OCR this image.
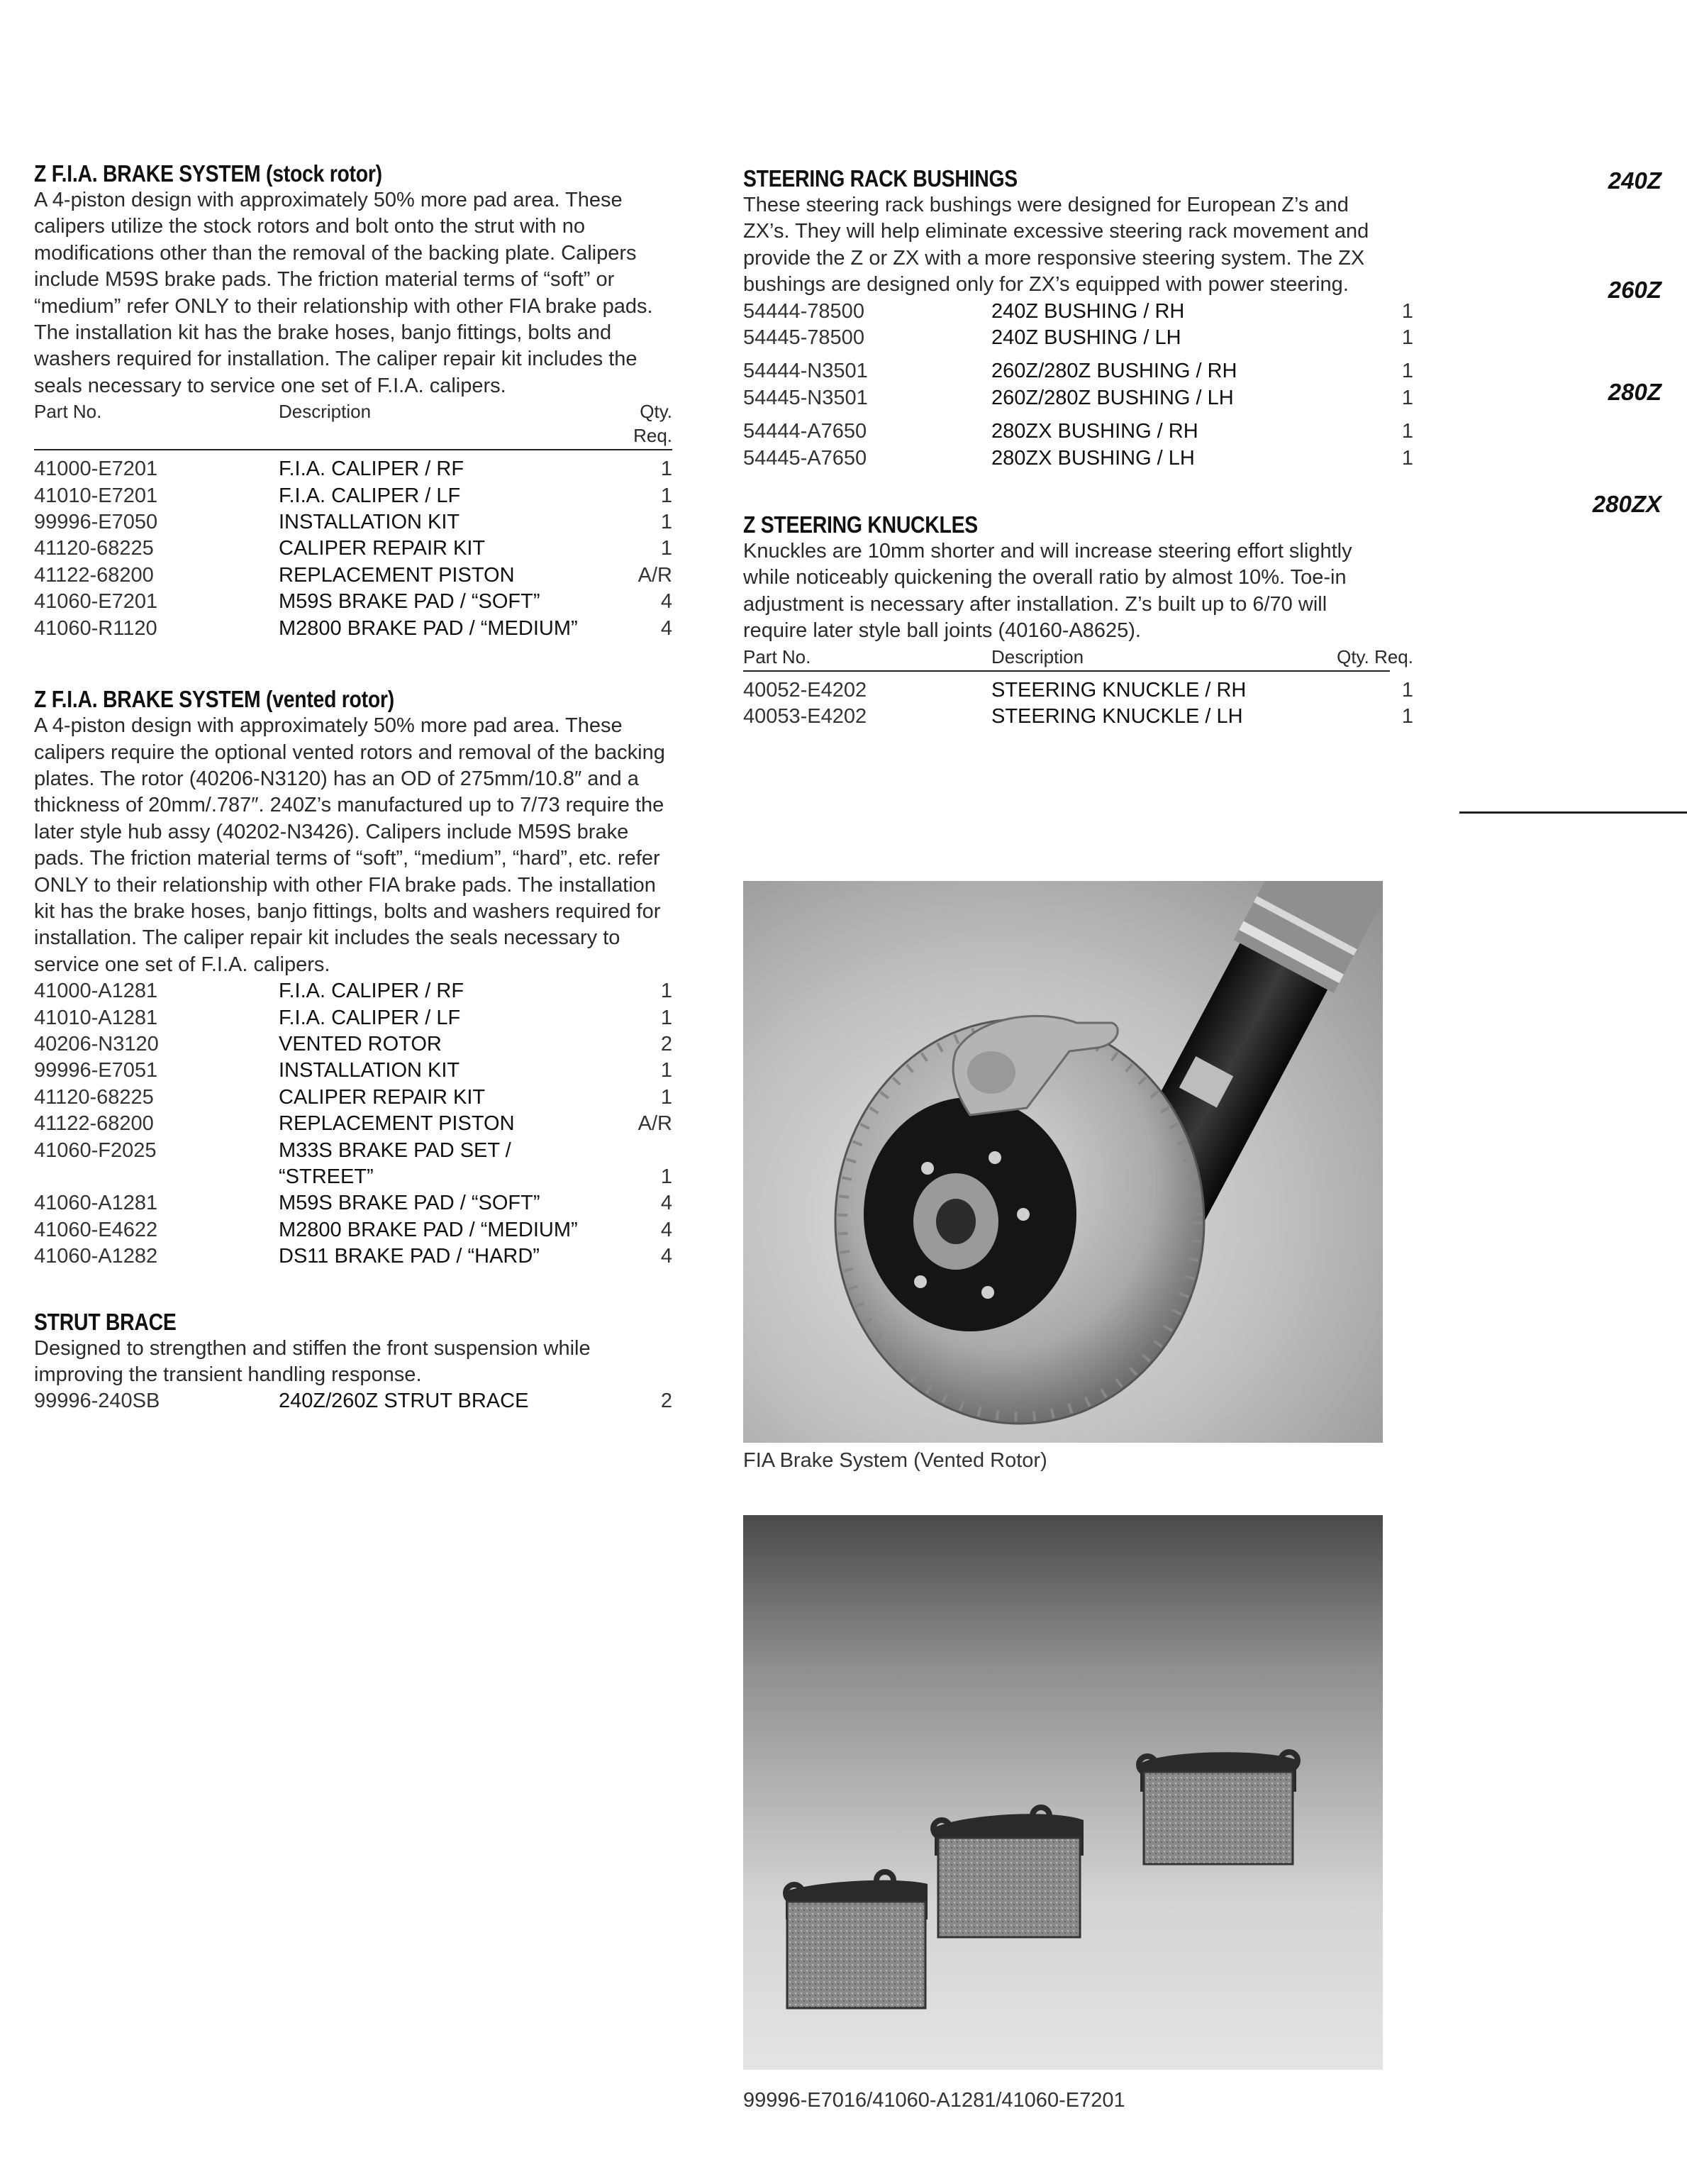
Z F.I.A. BRAKE SYSTEM (stock rotor)

A 4-piston design with approximately 50% more pad area. These calipers utilize the stock rotors and bolt onto the strut with no modifications other than the removal of the backing plate. Calipers include M59S brake pads. The friction material terms of “soft” or “medium” refer ONLY to their relationship with other FIA brake pads. The installation kit has the brake hoses, banjo fittings, bolts and washers required for installation. The caliper repair kit includes the seals necessary to service one set of F.I.A. calipers.

Part No.	Description	Qty. Req.
41000-E7201	F.I.A. CALIPER / RF	1
41010-E7201	F.I.A. CALIPER / LF	1
99996-E7050	INSTALLATION KIT	1
41120-68225	CALIPER REPAIR KIT	1
41122-68200	REPLACEMENT PISTON	A/R
41060-E7201	M59S BRAKE PAD / “SOFT”	4
41060-R1120	M2800 BRAKE PAD / “MEDIUM”	4
Z F.I.A. BRAKE SYSTEM (vented rotor)

A 4-piston design with approximately 50% more pad area. These calipers require the optional vented rotors and removal of the backing plates. The rotor (40206-N3120) has an OD of 275mm/10.8″ and a thickness of 20mm/.787″. 240Z’s manufactured up to 7/73 require the later style hub assy (40202-N3426). Calipers include M59S brake pads. The friction material terms of “soft”, “medium”, “hard”, etc. refer ONLY to their relationship with other FIA brake pads. The installation kit has the brake hoses, banjo fittings, bolts and washers required for installation. The caliper repair kit includes the seals necessary to service one set of F.I.A. calipers.

41000-A1281	F.I.A. CALIPER / RF	1
41010-A1281	F.I.A. CALIPER / LF	1
40206-N3120	VENTED ROTOR	2
99996-E7051	INSTALLATION KIT	1
41120-68225	CALIPER REPAIR KIT	1
41122-68200	REPLACEMENT PISTON	A/R
41060-F2025	M33S BRAKE PAD SET /
“STREET”	1
41060-A1281	M59S BRAKE PAD / “SOFT”	4
41060-E4622	M2800 BRAKE PAD / “MEDIUM”	4
41060-A1282	DS11 BRAKE PAD / “HARD”	4
STRUT BRACE

Designed to strengthen and stiffen the front suspension while improving the transient handling response.

99996-240SB	240Z/260Z STRUT BRACE	2
STEERING RACK BUSHINGS

These steering rack bushings were designed for European Z’s and ZX’s. They will help eliminate excessive steering rack movement and provide the Z or ZX with a more responsive steering system. The ZX bushings are designed only for ZX’s equipped with power steering.

54444-78500	240Z BUSHING / RH	1
54445-78500	240Z BUSHING / LH	1
54444-N3501	260Z/280Z BUSHING / RH	1
54445-N3501	260Z/280Z BUSHING / LH	1
54444-A7650	280ZX BUSHING / RH	1
54445-A7650	280ZX BUSHING / LH	1
Z STEERING KNUCKLES

Knuckles are 10mm shorter and will increase steering effort slightly while noticeably quickening the overall ratio by almost 10%. Toe-in adjustment is necessary after installation. Z’s built up to 6/70 will require later style ball joints (40160-A8625).

Part No.	Description	Qty. Req.
40052-E4202	STEERING KNUCKLE / RH	1
40053-E4202	STEERING KNUCKLE / LH	1
240Z
260Z
280Z
280ZX
FIA Brake System (Vented Rotor)
99996-E7016/41060-A1281/41060-E7201
